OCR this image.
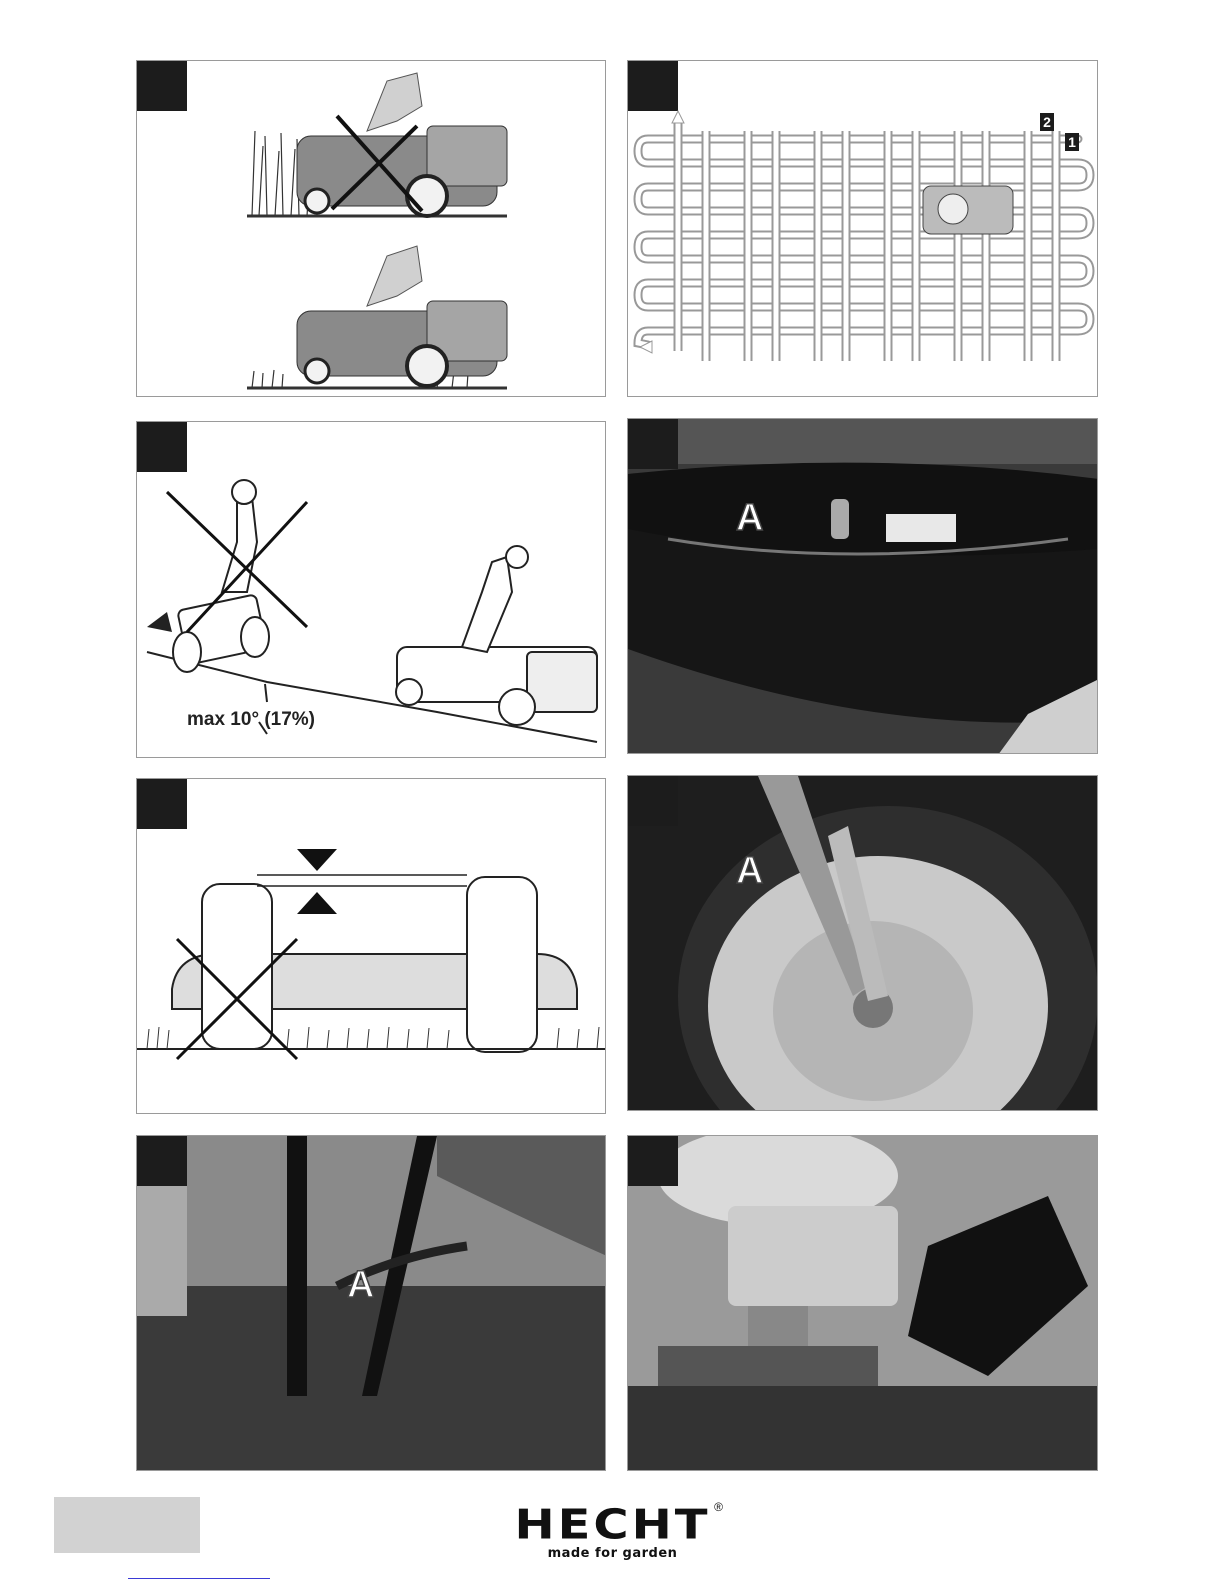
2
1
max 10° (17%)
A
A
A
HECHT ®
made for garden
